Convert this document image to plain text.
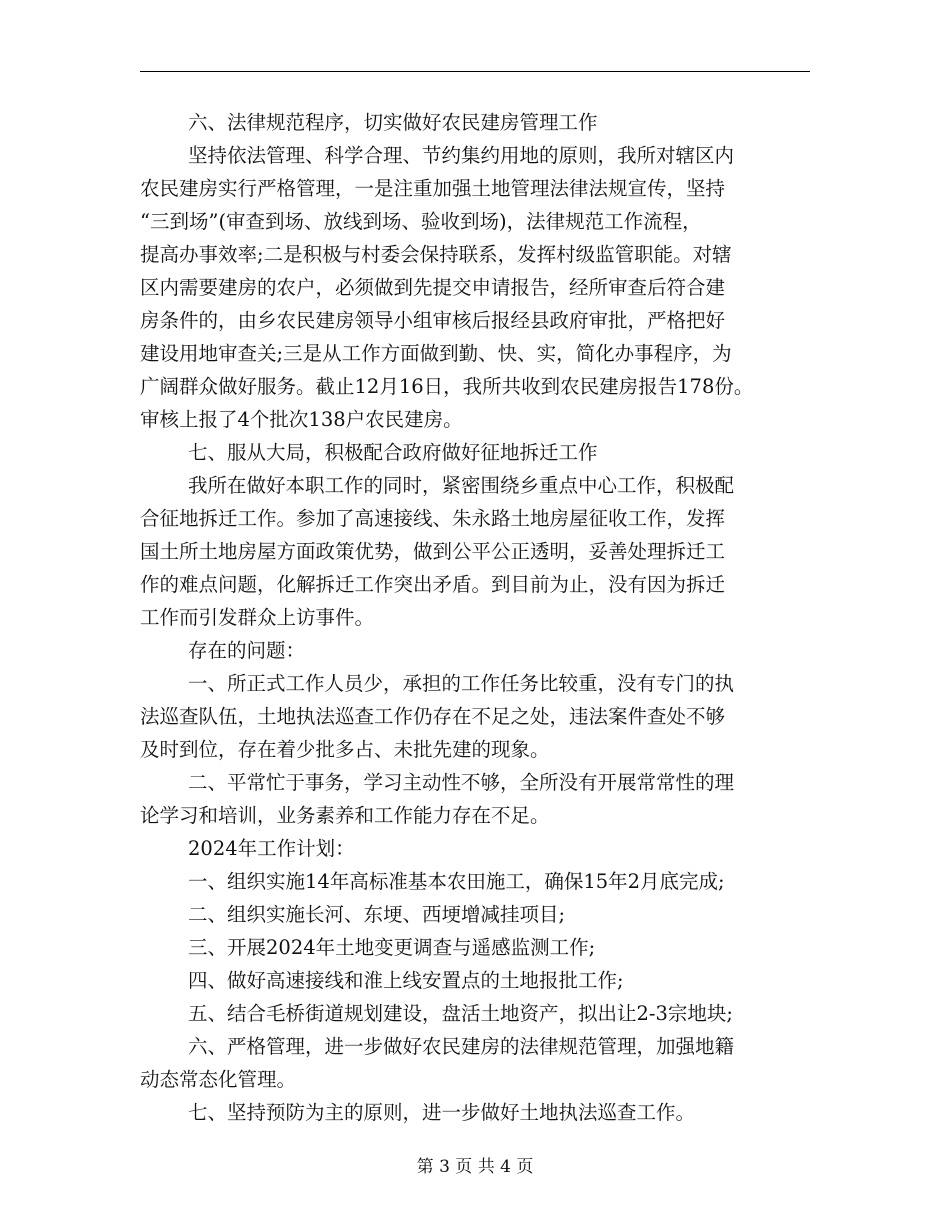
六、法律规范程序，切实做好农民建房管理工作
坚持依法管理、科学合理、节约集约用地的原则，我所对辖区内
农民建房实行严格管理，一是注重加强土地管理法律法规宣传，坚持
“三到场”(审查到场、放线到场、验收到场)，法律规范工作流程，
提高办事效率;二是积极与村委会保持联系，发挥村级监管职能。对辖
区内需要建房的农户，必须做到先提交申请报告，经所审查后符合建
房条件的，由乡农民建房领导小组审核后报经县政府审批，严格把好
建设用地审查关;三是从工作方面做到勤、快、实，简化办事程序，为
广阔群众做好服务。截止12月16日，我所共收到农民建房报告178份。
审核上报了4个批次138户农民建房。
七、服从大局，积极配合政府做好征地拆迁工作
我所在做好本职工作的同时，紧密围绕乡重点中心工作，积极配
合征地拆迁工作。参加了高速接线、朱永路土地房屋征收工作，发挥
国土所土地房屋方面政策优势，做到公平公正透明，妥善处理拆迁工
作的难点问题，化解拆迁工作突出矛盾。到目前为止，没有因为拆迁
工作而引发群众上访事件。
存在的问题：
一、所正式工作人员少，承担的工作任务比较重，没有专门的执
法巡查队伍，土地执法巡查工作仍存在不足之处，违法案件查处不够
及时到位，存在着少批多占、未批先建的现象。
二、平常忙于事务，学习主动性不够，全所没有开展常常性的理
论学习和培训，业务素养和工作能力存在不足。
2024年工作计划：
一、组织实施14年高标准基本农田施工，确保15年2月底完成;
二、组织实施长河、东埂、西埂增减挂项目;
三、开展2024年土地变更调查与遥感监测工作;
四、做好高速接线和淮上线安置点的土地报批工作;
五、结合毛桥街道规划建设，盘活土地资产，拟出让2-3宗地块;
六、严格管理，进一步做好农民建房的法律规范管理，加强地籍
动态常态化管理。
七、坚持预防为主的原则，进一步做好土地执法巡查工作。
第 3 页 共 4 页
